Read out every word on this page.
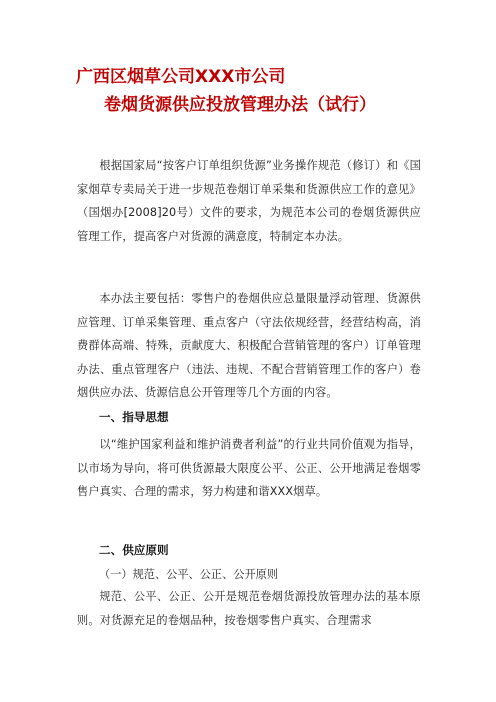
广西区烟草公司XXX市公司
卷烟货源供应投放管理办法（试行）

根据国家局“按客户订单组织货源”业务操作规范（修订）和《国家烟草专卖局关于进一步规范卷烟订单采集和货源供应工作的意见》（国烟办[2008]20号）文件的要求，为规范本公司的卷烟货源供应管理工作，提高客户对货源的满意度，特制定本办法。

本办法主要包括：零售户的卷烟供应总量限量浮动管理、货源供应管理、订单采集管理、重点客户（守法依规经营，经营结构高，消费群体高端、特殊，贡献度大、积极配合营销管理的客户）订单管理办法、重点管理客户（违法、违规、不配合营销管理工作的客户）卷烟供应办法、货源信息公开管理等几个方面的内容。

一、指导思想

以“维护国家利益和维护消费者利益”的行业共同价值观为指导，以市场为导向，将可供货源最大限度公平、公正、公开地满足卷烟零售户真实、合理的需求，努力构建和谐XXX烟草。

二、供应原则
（一）规范、公平、公正、公开原则

规范、公平、公正、公开是规范卷烟货源投放管理办法的基本原则。对货源充足的卷烟品种，按卷烟零售户真实、合理需求
